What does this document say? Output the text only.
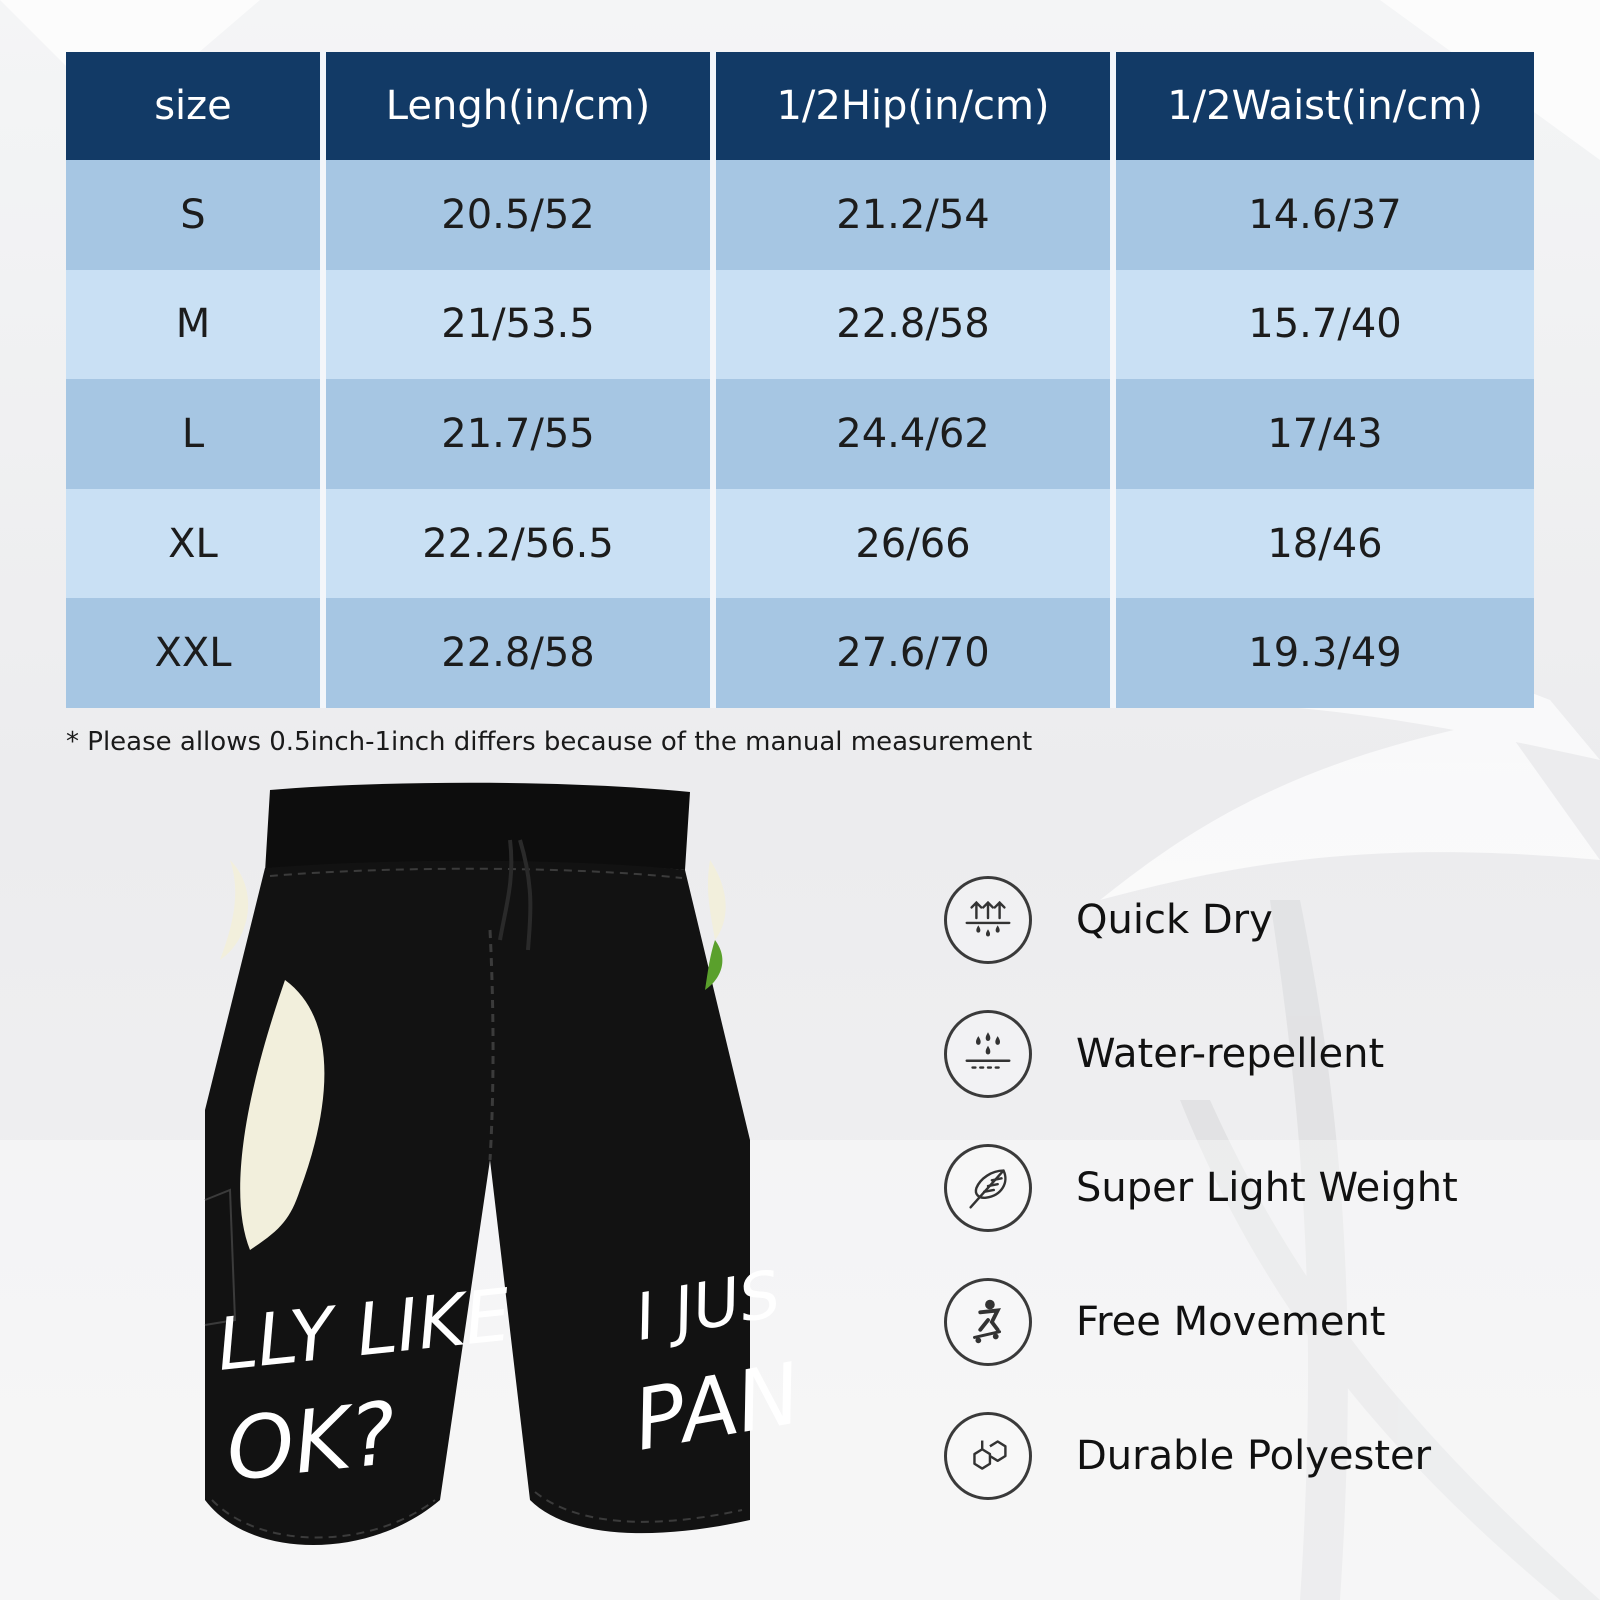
size	Lengh(in/cm)	1/2Hip(in/cm)	1/2Waist(in/cm)
S	20.5/52	21.2/54	14.6/37
M	21/53.5	22.8/58	15.7/40
L	21.7/55	24.4/62	17/43
XL	22.2/56.5	26/66	18/46
XXL	22.8/58	27.6/70	19.3/49
* Please allows 0.5inch-1inch differs because of the manual measurement
LLY LIKE
OK?
I JUS
PAN
Quick Dry
Water-repellent
Super Light Weight
Free Movement
Durable Polyester
